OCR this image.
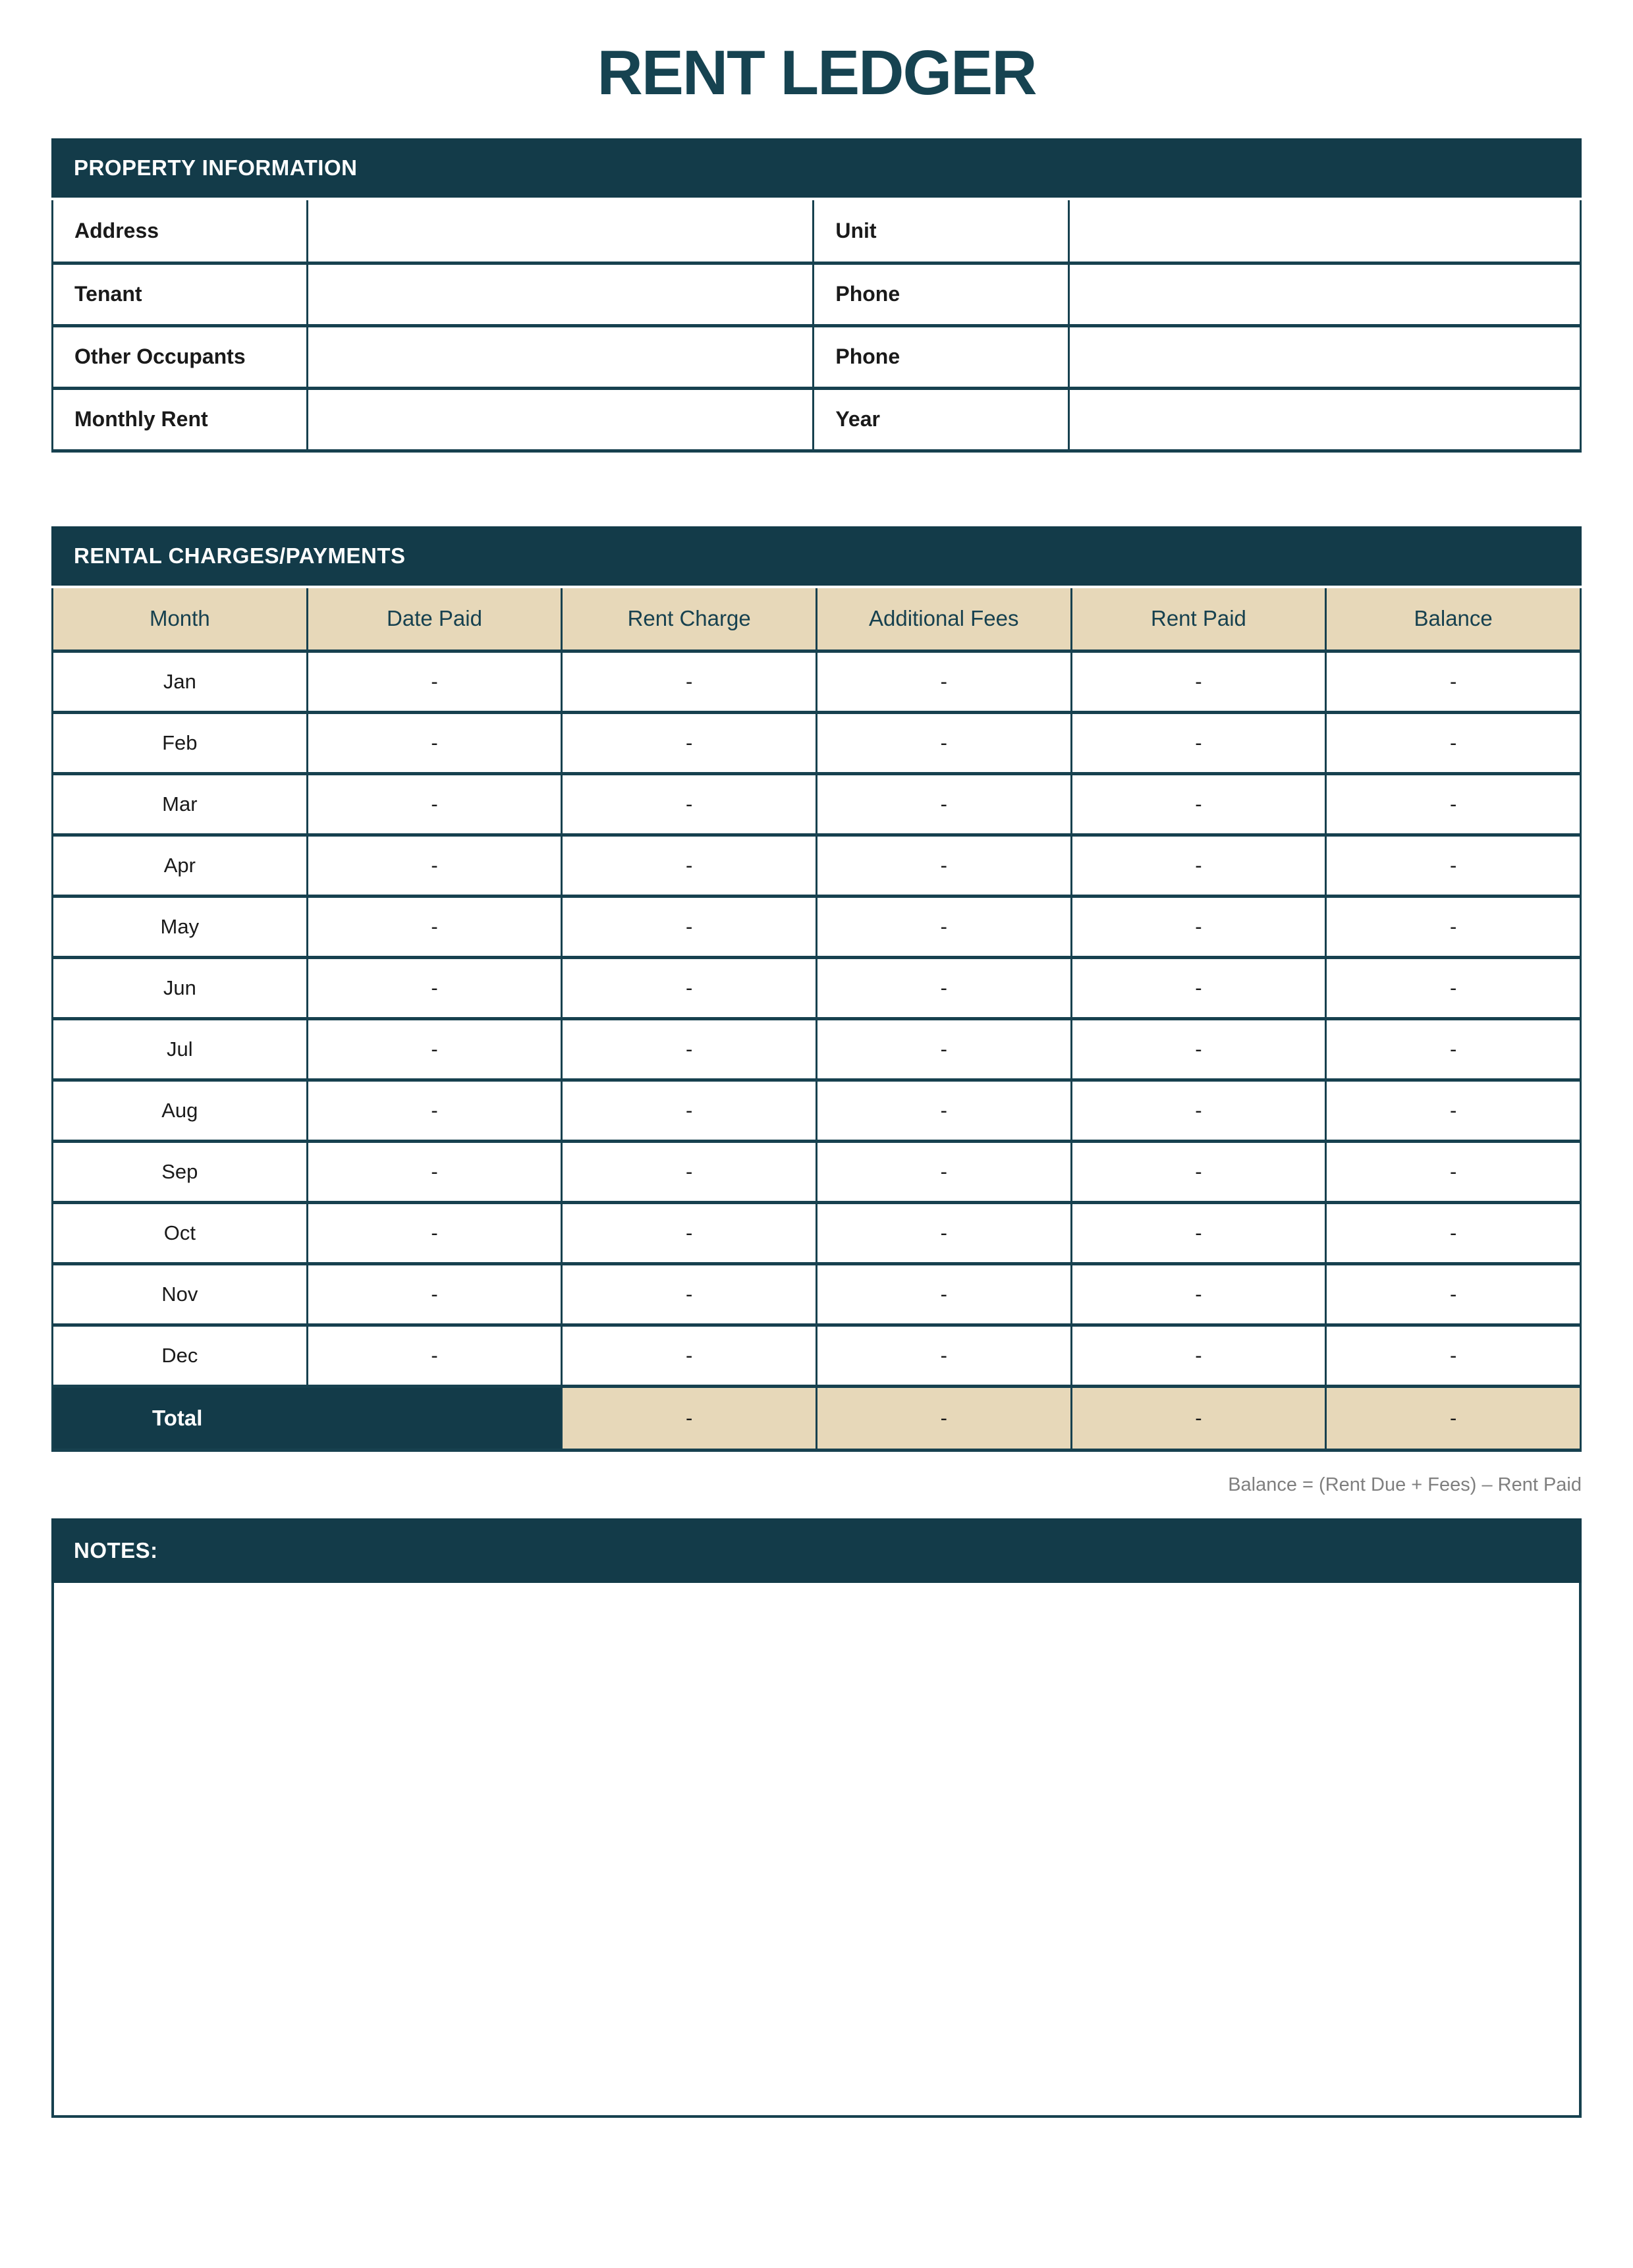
RENT LEDGER
PROPERTY INFORMATION
Address		Unit	
Tenant		Phone	
Other Occupants		Phone	
Monthly Rent		Year	
RENTAL CHARGES/PAYMENTS
Month	Date Paid	Rent Charge	Additional Fees	Rent Paid	Balance
Jan	-	-	-	-	-
Feb	-	-	-	-	-
Mar	-	-	-	-	-
Apr	-	-	-	-	-
May	-	-	-	-	-
Jun	-	-	-	-	-
Jul	-	-	-	-	-
Aug	-	-	-	-	-
Sep	-	-	-	-	-
Oct	-	-	-	-	-
Nov	-	-	-	-	-
Dec	-	-	-	-	-
Total		-	-	-	-
Balance = (Rent Due + Fees) – Rent Paid
NOTES:
